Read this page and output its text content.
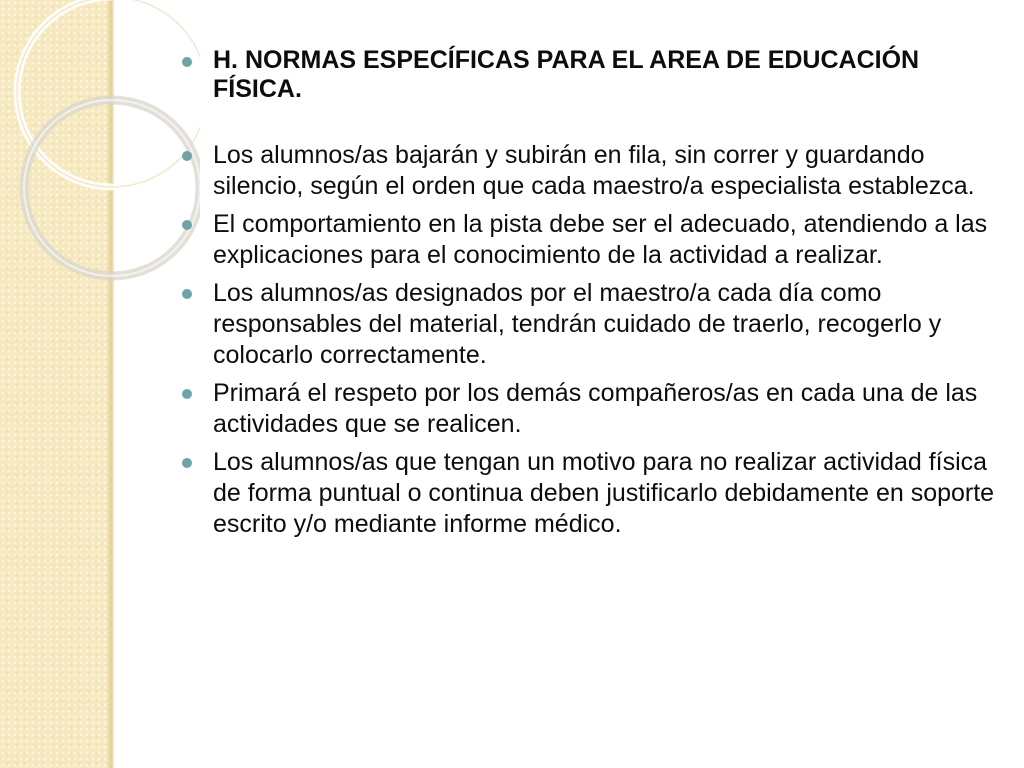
H. NORMAS ESPECÍFICAS PARA EL AREA DE EDUCACIÓN FÍSICA.
Los alumnos/as bajarán y subirán en fila, sin correr y guardando silencio, según el orden que cada maestro/a especialista establezca.
El comportamiento en la pista debe ser el adecuado, atendiendo a las explicaciones para el conocimiento de la actividad a realizar.
Los alumnos/as designados por el maestro/a cada día como responsables del material, tendrán cuidado de traerlo, recogerlo y colocarlo correctamente.
Primará el respeto por los demás compañeros/as en cada una de las actividades que se realicen.
Los alumnos/as que tengan un motivo para no realizar actividad física de forma puntual o continua deben justificarlo debidamente en soporte escrito y/o mediante informe médico.
